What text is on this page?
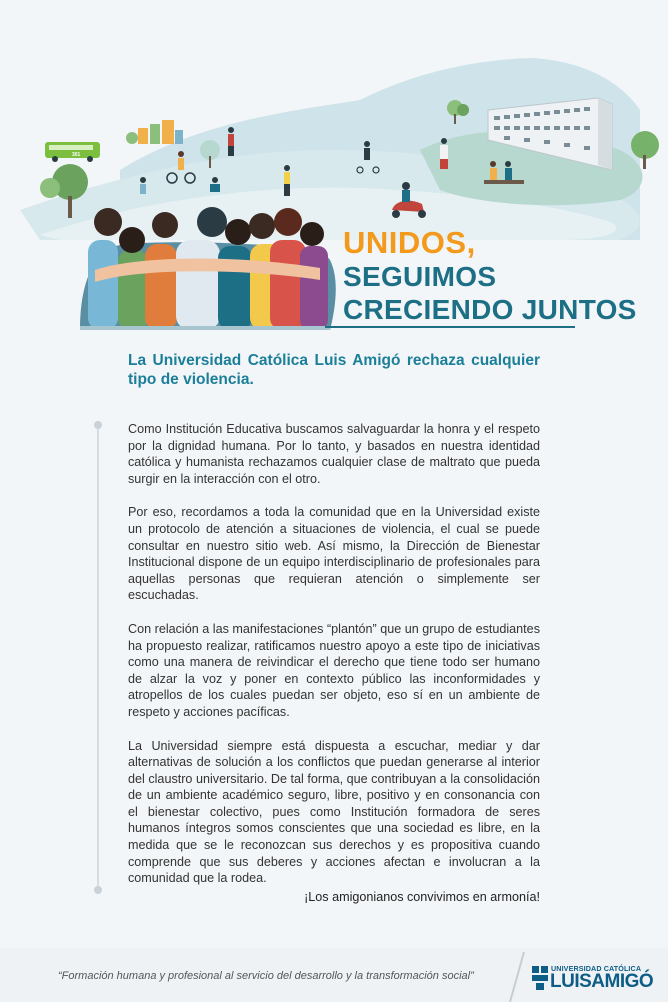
301
UNIDOS,
SEGUIMOS
CRECIENDO JUNTOS
La Universidad Católica Luis Amigó rechaza cualquier tipo de violencia.

Como Institución Educativa buscamos salvaguardar la honra y el respeto por la dignidad humana. Por lo tanto, y basados en nuestra identidad católica y humanista rechazamos cualquier clase de maltrato que pueda surgir en la interacción con el otro.

Por eso, recordamos a toda la comunidad que en la Universidad existe un protocolo de atención a situaciones de violencia, el cual se puede consultar en nuestro sitio web. Así mismo, la Dirección de Bienestar Institucional dispone de un equipo interdisciplinario de profesionales para aquellas personas que requieran atención o simplemente ser escuchadas.

Con relación a las manifestaciones “plantón” que un grupo de estudiantes ha propuesto realizar, ratificamos nuestro apoyo a este tipo de iniciativas como una manera de reivindicar el derecho que tiene todo ser humano de alzar la voz y poner en contexto público las inconformidades y atropellos de los cuales puedan ser objeto, eso sí en un ambiente de respeto y acciones pacíficas.

La Universidad siempre está dispuesta a escuchar, mediar y dar alternativas de solución a los conflictos que puedan generarse al interior del claustro universitario. De tal forma, que contribuyan a la consolidación de un ambiente académico seguro, libre, positivo y en consonancia con el bienestar colectivo, pues como Institución formadora de seres humanos íntegros somos conscientes que una sociedad es libre, en la medida que se le reconozcan sus derechos y es propositiva cuando comprende que sus deberes y acciones afectan e involucran a la comunidad que la rodea.

¡Los amigonianos convivimos en armonía!
“Formación humana y profesional al servicio del desarrollo y la transformación social”
UNIVERSIDAD CATÓLICA
LUISAMIGÓ
